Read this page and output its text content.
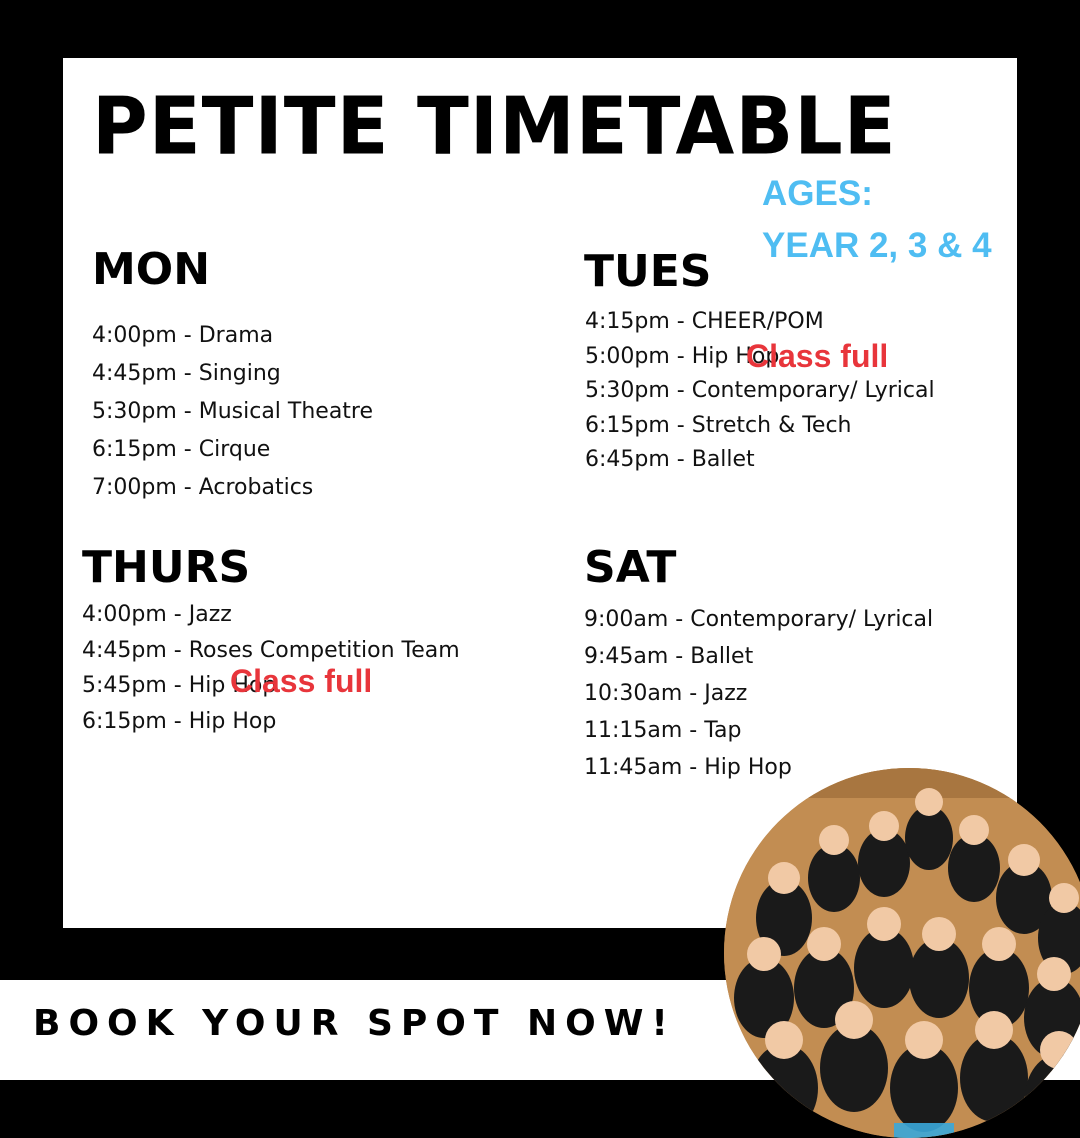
PETITE TIMETABLE
AGES:
YEAR 2, 3 & 4
MON
4:00pm - Drama
4:45pm - Singing
5:30pm - Musical Theatre
6:15pm - Cirque
7:00pm - Acrobatics
TUES
4:15pm - CHEER/POM
5:00pm - Hip Hop
5:30pm - Contemporary/ Lyrical
6:15pm - Stretch & Tech
6:45pm - Ballet
Class full
THURS
4:00pm - Jazz
4:45pm - Roses Competition Team
5:45pm - Hip Hop
6:15pm - Hip Hop
Class full
SAT
9:00am - Contemporary/ Lyrical
9:45am - Ballet
10:30am - Jazz
11:15am - Tap
11:45am - Hip Hop
BOOK YOUR SPOT NOW!
